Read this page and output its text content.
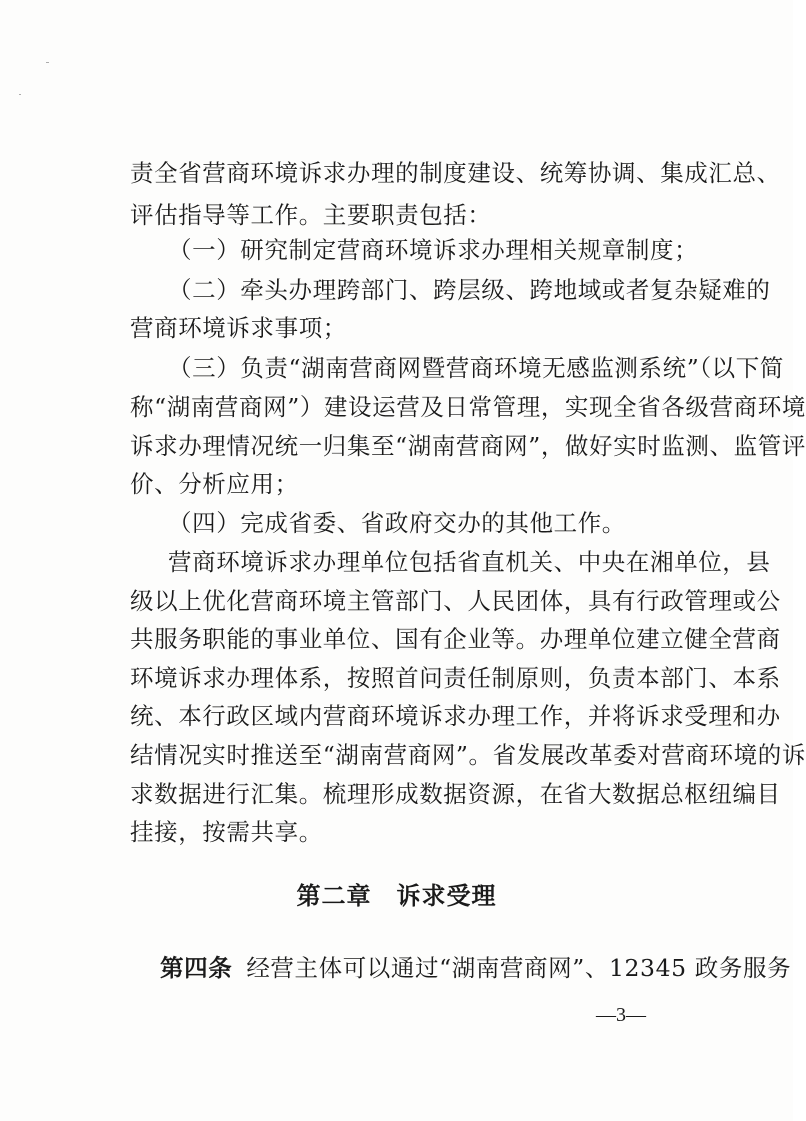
责全省营商环境诉求办理的制度建设、统筹协调、集成汇总、
评估指导等工作。主要职责包括：
（一）研究制定营商环境诉求办理相关规章制度；
（二）牵头办理跨部门、跨层级、跨地域或者复杂疑难的
营商环境诉求事项；
（三）负责“湖南营商网暨营商环境无感监测系统”（以下简
称“湖南营商网”）建设运营及日常管理，实现全省各级营商环境
诉求办理情况统一归集至“湖南营商网”，做好实时监测、监管评
价、分析应用；
（四）完成省委、省政府交办的其他工作。
营商环境诉求办理单位包括省直机关、中央在湘单位，县
级以上优化营商环境主管部门、人民团体，具有行政管理或公
共服务职能的事业单位、国有企业等。办理单位建立健全营商
环境诉求办理体系，按照首问责任制原则，负责本部门、本系
统、本行政区域内营商环境诉求办理工作，并将诉求受理和办
结情况实时推送至“湖南营商网”。省发展改革委对营商环境的诉
求数据进行汇集。梳理形成数据资源，在省大数据总枢纽编目
挂接，按需共享。
第二章　诉求受理
第四条 经营主体可以通过“湖南营商网”、12345 政务服务
—3—
